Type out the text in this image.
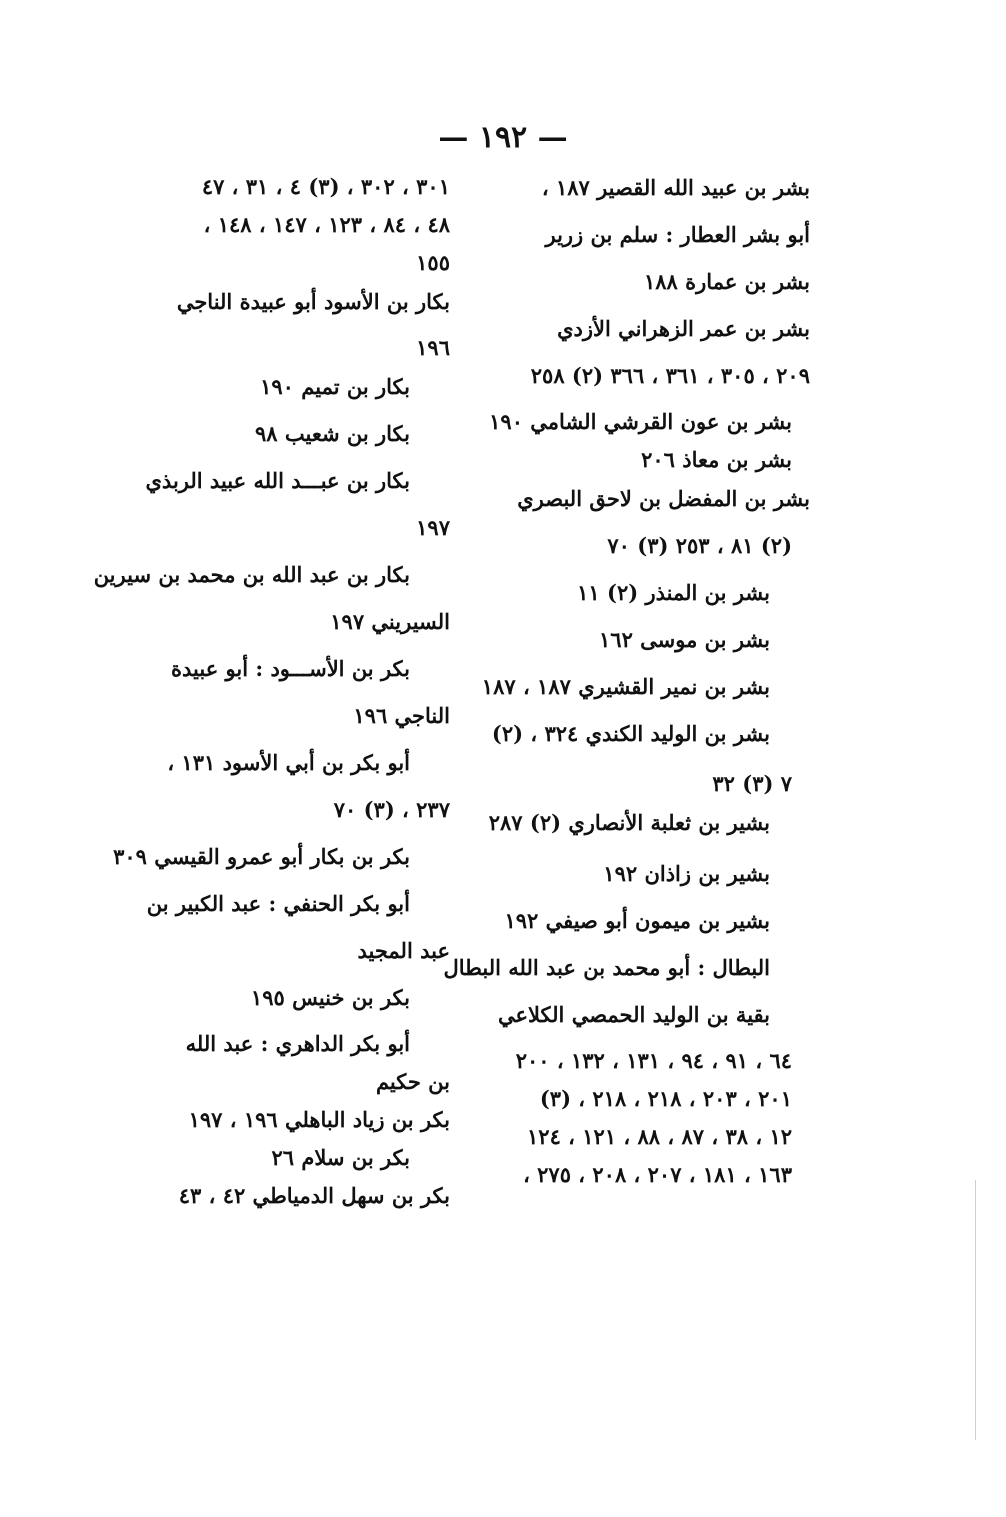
— ١٩٢ —
بشر بن عبيد الله القصير ١٨٧ ،
أبو بشر العطار : سلم بن زرير
بشر بن عمارة ١٨٨
بشر بن عمر الزهراني الأزدي
٢٠٩ ، ٣٠٥ ، ٣٦١ ، ٣٦٦ (٢) ٢٥٨
بشر بن عون القرشي الشامي ١٩٠
بشر بن معاذ ٢٠٦
بشر بن المفضل بن لاحق البصري
(٢) ٨١ ، ٢٥٣ (٣) ٧٠
بشر بن المنذر (٢) ١١
بشر بن موسى ١٦٢
بشر بن نمير القشيري ١٨٧ ، ١٨٧
بشر بن الوليد الكندي ٣٢٤ ، (٢)
٧ (٣) ٣٢
بشير بن ثعلبة الأنصاري (٢) ٢٨٧
بشير بن زاذان ١٩٢
بشير بن ميمون أبو صيفي ١٩٢
البطال : أبو محمد بن عبد الله البطال
بقية بن الوليد الحمصي الكلاعي
٦٤ ، ٩١ ، ٩٤ ، ١٣١ ، ١٣٢ ، ٢٠٠
٢٠١ ، ٢٠٣ ، ٢١٨ ، ٢١٨ ، (٣)
١٢ ، ٣٨ ، ٨٧ ، ٨٨ ، ١٢١ ، ١٢٤
١٦٣ ، ١٨١ ، ٢٠٧ ، ٢٠٨ ، ٢٧٥ ،
٣٠١ ، ٣٠٢ ، (٣) ٤ ، ٣١ ، ٤٧
٤٨ ، ٨٤ ، ١٢٣ ، ١٤٧ ، ١٤٨ ،
١٥٥
بكار بن الأسود أبو عبيدة الناجي
١٩٦
بكار بن تميم ١٩٠
بكار بن شعيب ٩٨
بكار بن عبـــد الله عبيد الربذي
١٩٧
بكار بن عبد الله بن محمد بن سيرين
السيريني ١٩٧
بكر بن الأســـود : أبو عبيدة
الناجي ١٩٦
أبو بكر بن أبي الأسود ١٣١ ،
٢٣٧ ، (٣) ٧٠
بكر بن بكار أبو عمرو القيسي ٣٠٩
أبو بكر الحنفي : عبد الكبير بن
عبد المجيد
بكر بن خنيس ١٩٥
أبو بكر الداهري : عبد الله
بن حكيم
بكر بن زياد الباهلي ١٩٦ ، ١٩٧
بكر بن سلام ٢٦
بكر بن سهل الدمياطي ٤٢ ، ٤٣
